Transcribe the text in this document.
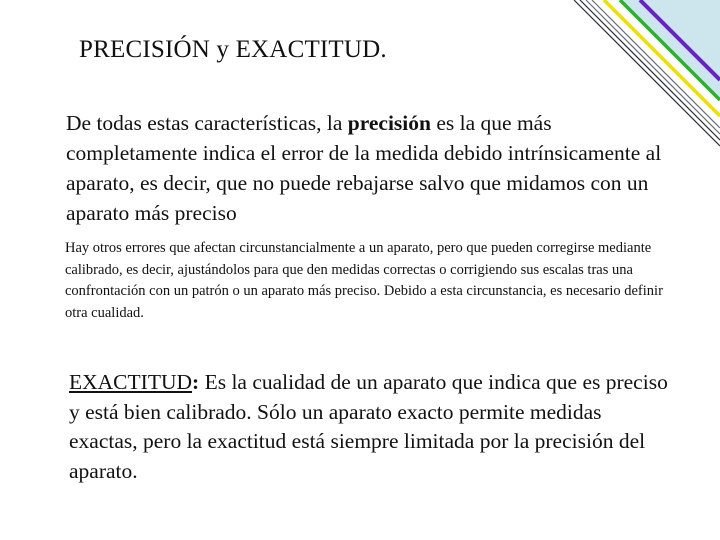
PRECISIÓN y EXACTITUD.

De todas estas características, la precisión es la que más completamente indica el error de la medida debido intrínsicamente al aparato, es decir, que no puede rebajarse salvo que midamos con un aparato más preciso

Hay otros errores que afectan circunstancialmente a un aparato, pero que pueden corregirse mediante calibrado, es decir, ajustándolos para que den medidas correctas o corrigiendo sus escalas tras una confrontación con un patrón o un aparato más preciso. Debido a esta circunstancia, es necesario definir otra cualidad.

EXACTITUD: Es la cualidad de un aparato que indica que es preciso y está bien calibrado. Sólo un aparato exacto permite medidas exactas, pero la exactitud está siempre limitada por la precisión del aparato.
